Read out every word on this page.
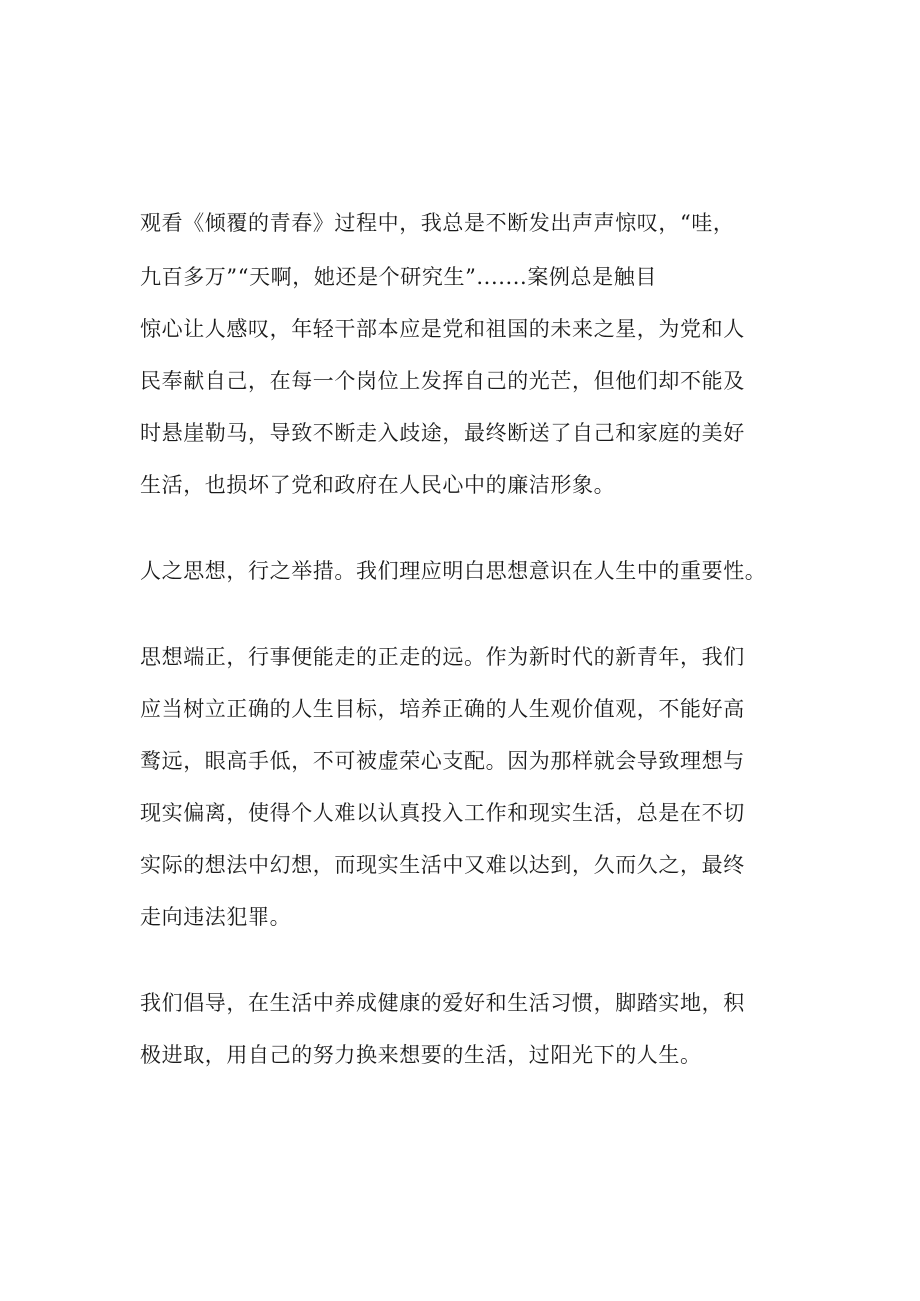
观看《倾覆的青春》过程中，我总是不断发出声声惊叹，“哇，
九百多万”“天啊，她还是个研究生”.......案例总是触目
惊心让人感叹，年轻干部本应是党和祖国的未来之星，为党和人
民奉献自己，在每一个岗位上发挥自己的光芒，但他们却不能及
时悬崖勒马，导致不断走入歧途，最终断送了自己和家庭的美好
生活，也损坏了党和政府在人民心中的廉洁形象。
人之思想，行之举措。我们理应明白思想意识在人生中的重要性。
思想端正，行事便能走的正走的远。作为新时代的新青年，我们
应当树立正确的人生目标，培养正确的人生观价值观，不能好高
鹜远，眼高手低，不可被虚荣心支配。因为那样就会导致理想与
现实偏离，使得个人难以认真投入工作和现实生活，总是在不切
实际的想法中幻想，而现实生活中又难以达到，久而久之，最终
走向违法犯罪。
我们倡导，在生活中养成健康的爱好和生活习惯，脚踏实地，积
极进取，用自己的努力换来想要的生活，过阳光下的人生。
